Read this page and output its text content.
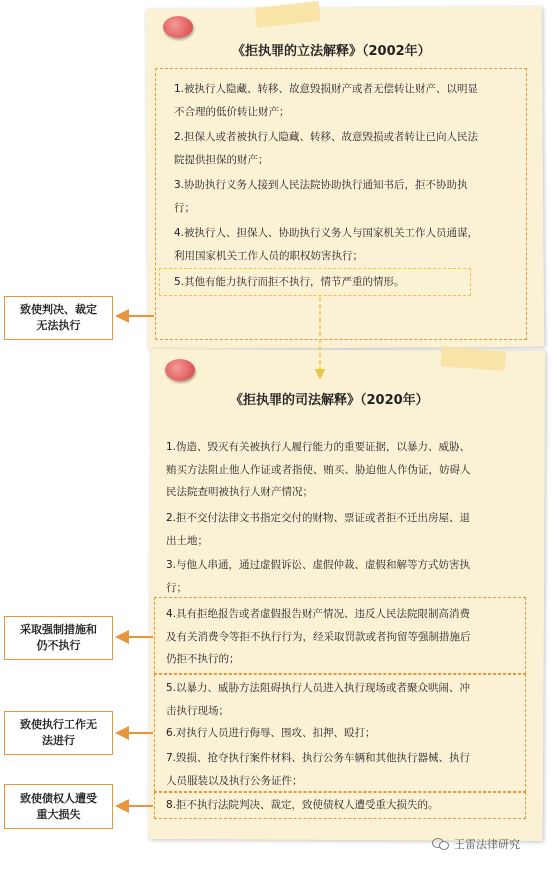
《拒执罪的立法解释》（2002年）
《拒执罪的司法解释》（2020年）

1.被执行人隐藏、转移、故意毁损财产或者无偿转让财产、以明显

不合理的低价转让财产；

2.担保人或者被执行人隐藏、转移、故意毁损或者转让已向人民法

院提供担保的财产；

3.协助执行义务人接到人民法院协助执行通知书后，拒不协助执

行；

4.被执行人、担保人、协助执行义务人与国家机关工作人员通谋，

利用国家机关工作人员的职权妨害执行；

5.其他有能力执行而拒不执行，情节严重的情形。

1.伪造、毁灭有关被执行人履行能力的重要证据，以暴力、威胁、

贿买方法阻止他人作证或者指使、贿买、胁迫他人作伪证，妨碍人

民法院查明被执行人财产情况；

2.拒不交付法律文书指定交付的财物、票证或者拒不迁出房屋、退

出土地；

3.与他人串通，通过虚假诉讼、虚假仲裁、虚假和解等方式妨害执

行；

4.具有拒绝报告或者虚假报告财产情况、违反人民法院限制高消费

及有关消费令等拒不执行行为，经采取罚款或者拘留等强制措施后

仍拒不执行的；

5.以暴力、威胁方法阻碍执行人员进入执行现场或者聚众哄闹、冲

击执行现场；

6.对执行人员进行侮辱、围攻、扣押、殴打；

7.毁损、抢夺执行案件材料、执行公务车辆和其他执行器械、执行

人员服装以及执行公务证件；

8.拒不执行法院判决、裁定，致使债权人遭受重大损失的。

致使判决、裁定
无法执行
采取强制措施和
仍不执行
致使执行工作无
法进行
致使债权人遭受
重大损失
王雷法律研究
